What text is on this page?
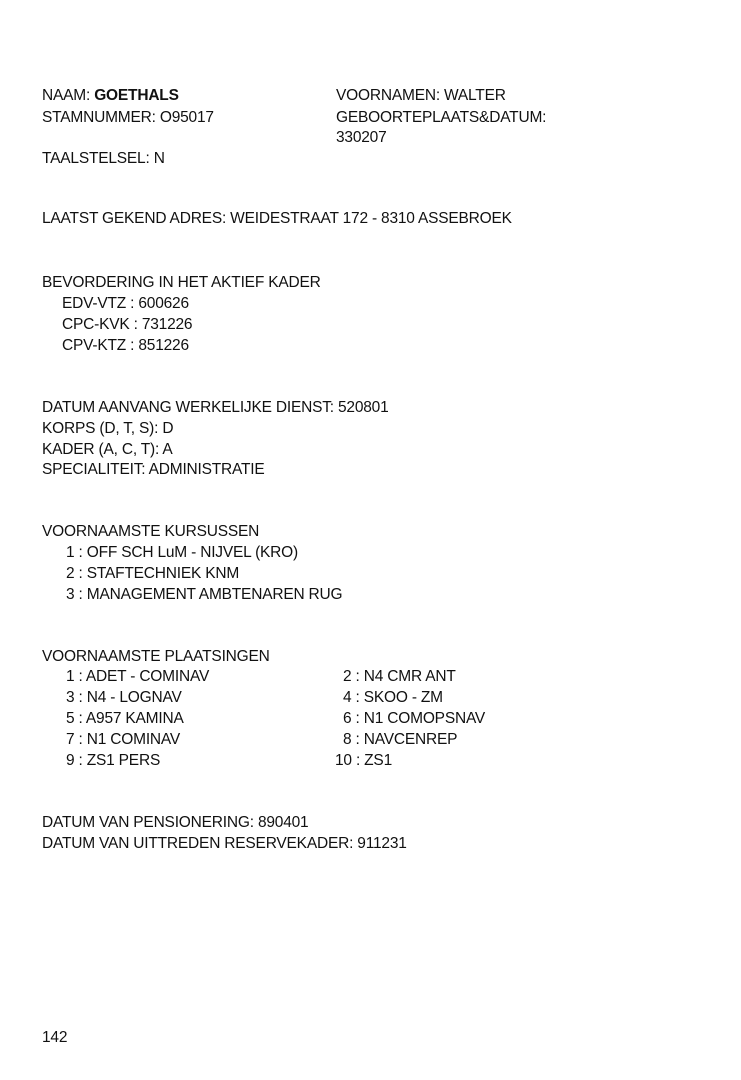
NAAM: GOETHALS	VOORNAMEN: WALTER
STAMNUMMER: O95017	GEBOORTEPLAATS&DATUM:
330207
TAALSTELSEL: N
LAATST GEKEND ADRES: WEIDESTRAAT 172 - 8310 ASSEBROEK
BEVORDERING IN HET AKTIEF KADER
EDV-VTZ : 600626
CPC-KVK : 731226
CPV-KTZ : 851226
DATUM AANVANG WERKELIJKE DIENST: 520801
KORPS (D, T, S): D
KADER (A, C, T): A
SPECIALITEIT: ADMINISTRATIE
VOORNAAMSTE KURSUSSEN
1 : OFF SCH LuM - NIJVEL (KRO)
2 : STAFTECHNIEK KNM
3 : MANAGEMENT AMBTENAREN RUG
VOORNAAMSTE PLAATSINGEN
1 : ADET - COMINAV
3 : N4 - LOGNAV
5 : A957 KAMINA
7 : N1 COMINAV
9 : ZS1 PERS
2 : N4 CMR ANT
4 : SKOO - ZM
6 : N1 COMOPSNAV
8 : NAVCENREP
10 : ZS1
DATUM VAN PENSIONERING: 890401
DATUM VAN UITTREDEN RESERVEKADER: 911231
142
